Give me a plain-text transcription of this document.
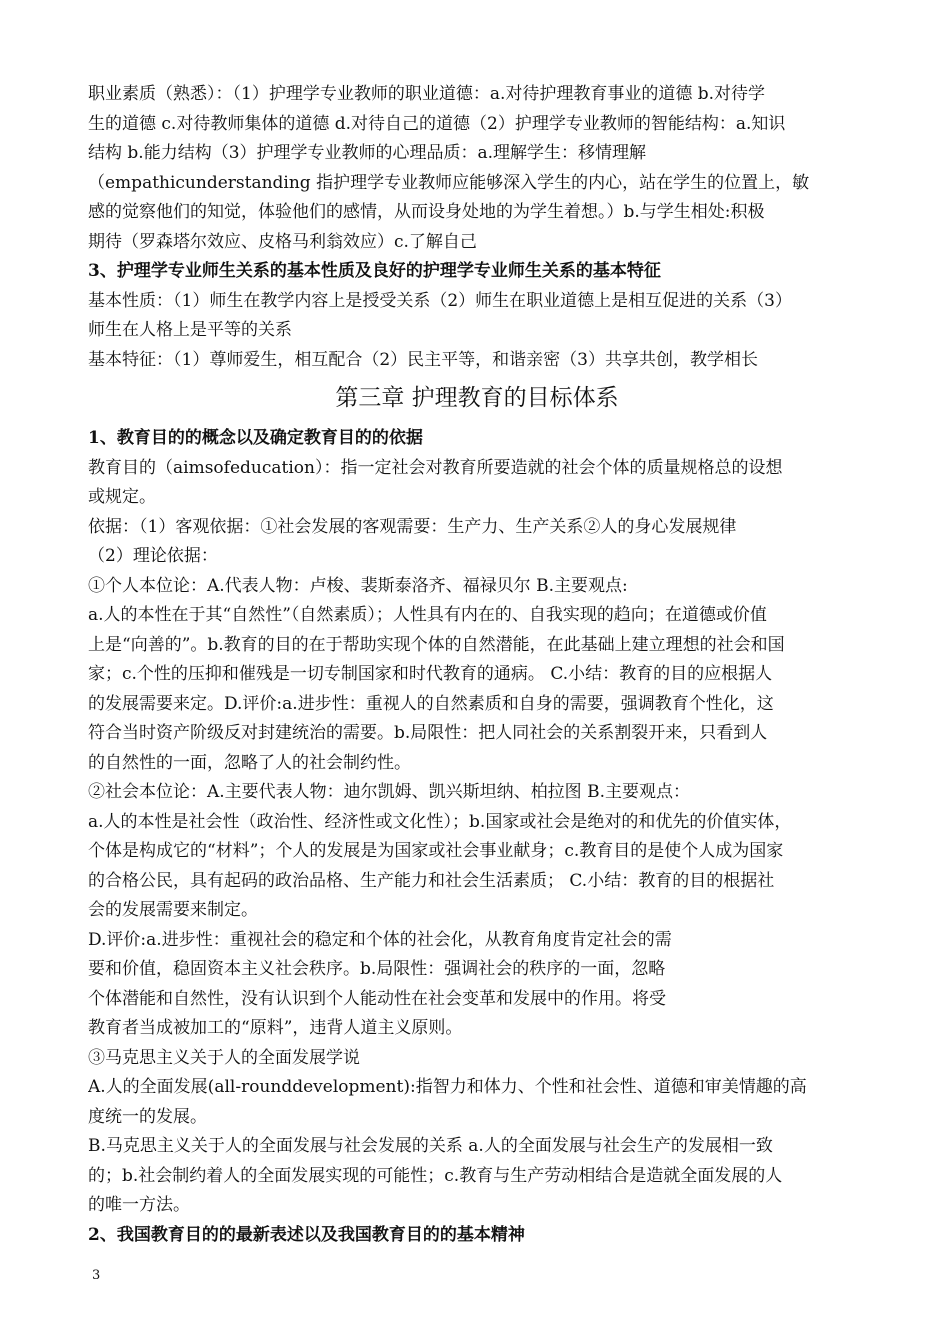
职业素质（熟悉）：（1）护理学专业教师的职业道德：a.对待护理教育事业的道德 b.对待学
生的道德 c.对待教师集体的道德 d.对待自己的道德（2）护理学专业教师的智能结构：a.知识
结构 b.能力结构（3）护理学专业教师的心理品质：a.理解学生：移情理解
（empathicunderstanding 指护理学专业教师应能够深入学生的内心，站在学生的位置上，敏
感的觉察他们的知觉，体验他们的感情，从而设身处地的为学生着想。）b.与学生相处:积极
期待（罗森塔尔效应、皮格马利翁效应）c.了解自己
3、护理学专业师生关系的基本性质及良好的护理学专业师生关系的基本特征
基本性质：（1）师生在教学内容上是授受关系（2）师生在职业道德上是相互促进的关系（3）
师生在人格上是平等的关系
基本特征：（1）尊师爱生，相互配合（2）民主平等，和谐亲密（3）共享共创，教学相长
第三章 护理教育的目标体系
1、教育目的的概念以及确定教育目的的依据
教育目的（aimsofeducation）：指一定社会对教育所要造就的社会个体的质量规格总的设想
或规定。
依据：（1）客观依据：①社会发展的客观需要：生产力、生产关系②人的身心发展规律
（2）理论依据：
①个人本位论：A.代表人物：卢梭、裴斯泰洛齐、福禄贝尔 B.主要观点:
a.人的本性在于其“自然性”（自然素质）；人性具有内在的、自我实现的趋向；在道德或价值
上是“向善的”。b.教育的目的在于帮助实现个体的自然潜能，在此基础上建立理想的社会和国
家；c.个性的压抑和催残是一切专制国家和时代教育的通病。 C.小结：教育的目的应根据人
的发展需要来定。D.评价:a.进步性：重视人的自然素质和自身的需要，强调教育个性化，这
符合当时资产阶级反对封建统治的需要。b.局限性：把人同社会的关系割裂开来，只看到人
的自然性的一面，忽略了人的社会制约性。
②社会本位论：A.主要代表人物：迪尔凯姆、凯兴斯坦纳、柏拉图 B.主要观点：
a.人的本性是社会性（政治性、经济性或文化性）；b.国家或社会是绝对的和优先的价值实体，
个体是构成它的“材料”；个人的发展是为国家或社会事业献身；c.教育目的是使个人成为国家
的合格公民，具有起码的政治品格、生产能力和社会生活素质； C.小结：教育的目的根据社
会的发展需要来制定。
D.评价:a.进步性：重视社会的稳定和个体的社会化，从教育角度肯定社会的需
要和价值，稳固资本主义社会秩序。b.局限性：强调社会的秩序的一面，忽略
个体潜能和自然性，没有认识到个人能动性在社会变革和发展中的作用。将受
教育者当成被加工的“原料”，违背人道主义原则。
③马克思主义关于人的全面发展学说
A.人的全面发展(all-rounddevelopment):指智力和体力、个性和社会性、道德和审美情趣的高
度统一的发展。
B.马克思主义关于人的全面发展与社会发展的关系 a.人的全面发展与社会生产的发展相一致
的；b.社会制约着人的全面发展实现的可能性；c.教育与生产劳动相结合是造就全面发展的人
的唯一方法。
2、我国教育目的的最新表述以及我国教育目的的基本精神
3
